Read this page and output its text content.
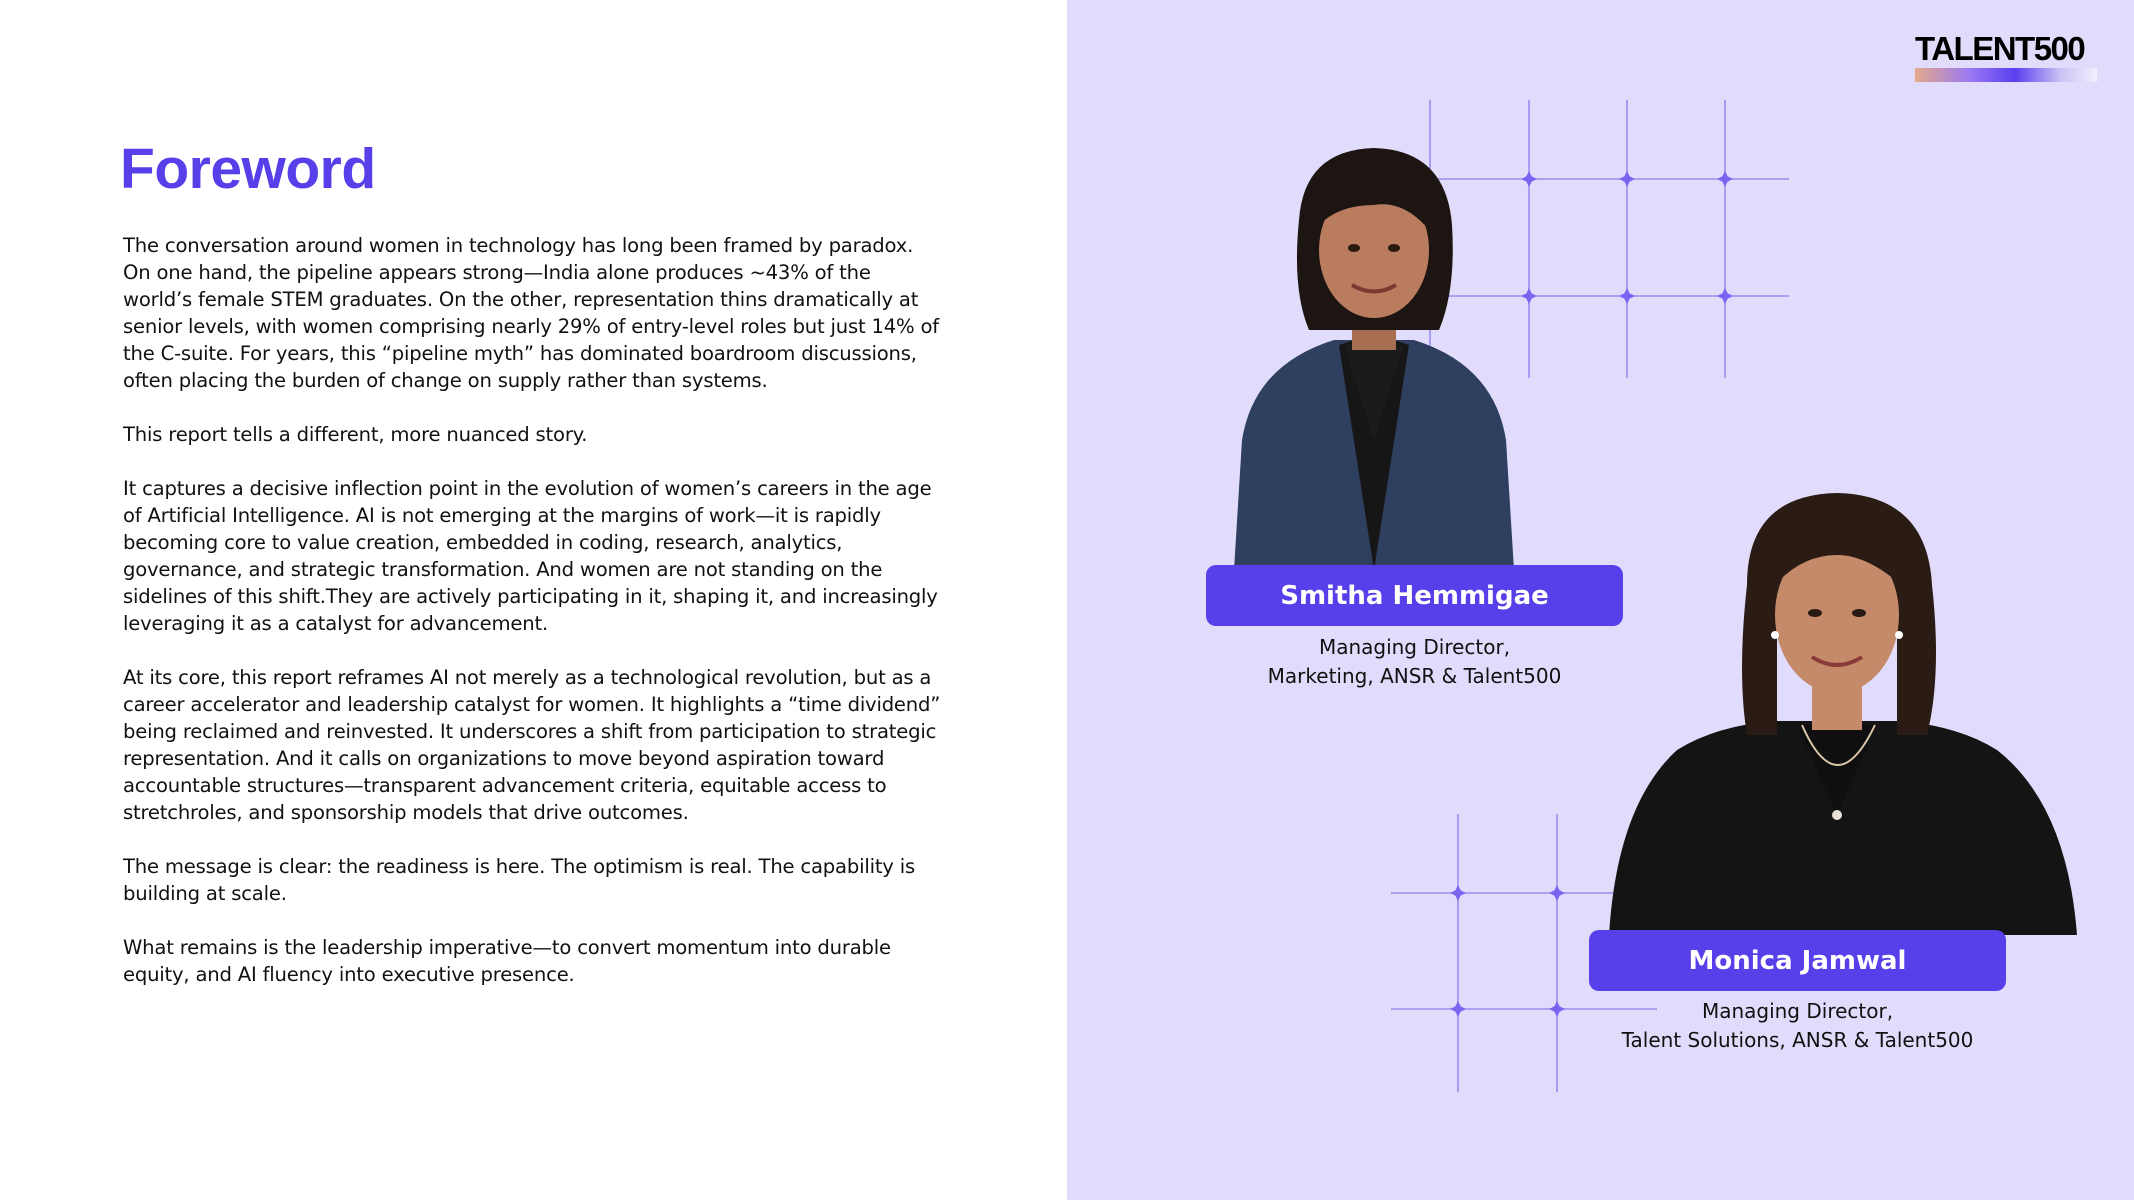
Foreword

The conversation around women in technology has long been framed by paradox. On one hand, the pipeline appears strong—India alone produces ~43% of the world’s female STEM graduates. On the other, representation thins dramatically at senior levels, with women comprising nearly 29% of entry-level roles but just 14% of the C-suite. For years, this “pipeline myth” has dominated boardroom discussions, often placing the burden of change on supply rather than systems.

This report tells a different, more nuanced story.

It captures a decisive inflection point in the evolution of women’s careers in the age of Artificial Intelligence. AI is not emerging at the margins of work—it is rapidly becoming core to value creation, embedded in coding, research, analytics, governance, and strategic transformation. And women are not standing on the sidelines of this shift.They are actively participating in it, shaping it, and increasingly leveraging it as a catalyst for advancement.

At its core, this report reframes AI not merely as a technological revolution, but as a career accelerator and leadership catalyst for women. It highlights a “time dividend” being reclaimed and reinvested. It underscores a shift from participation to strategic representation. And it calls on organizations to move beyond aspiration toward accountable structures—transparent advancement criteria, equitable access to stretchroles, and sponsorship models that drive outcomes.

The message is clear: the readiness is here. The optimism is real. The capability is building at scale.

What remains is the leadership imperative—to convert momentum into durable equity, and AI fluency into executive presence.

Smitha Hemmigae
Managing Director,
Marketing, ANSR & Talent500
Monica Jamwal
Managing Director,
Talent Solutions, ANSR & Talent500
TALENT500
